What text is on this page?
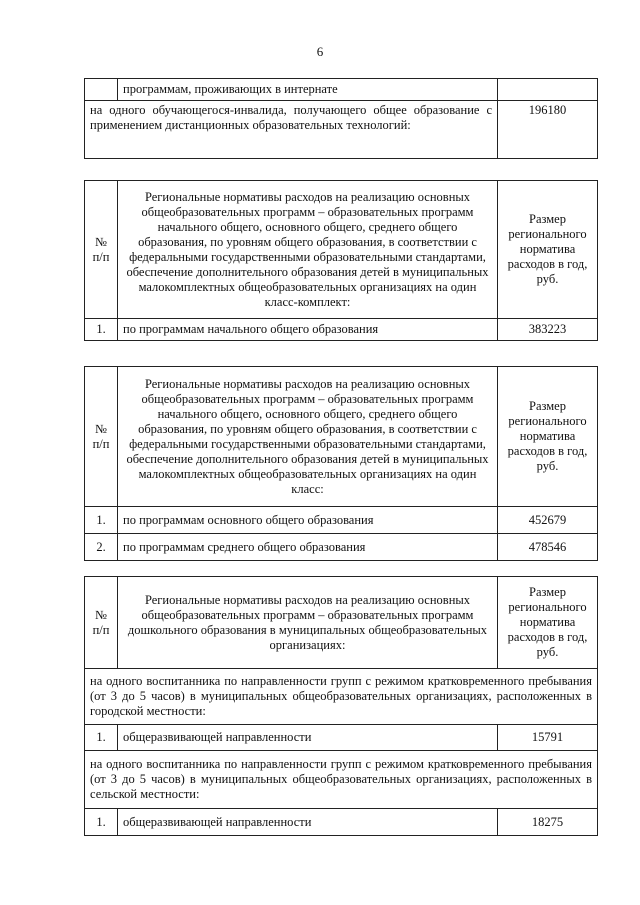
6
	программам, проживающих в интернате	
на одного обучающегося-инвалида, получающего общее образование с применением дистанционных образовательных технологий:		196180
№ п/п	Региональные нормативы расходов на реализацию основных общеобразовательных программ – образовательных программ начального общего, основного общего, среднего общего образования, по уровням общего образования, в соответствии с федеральными государственными образовательными стандартами, обеспечение дополнительного образования детей в муниципальных малокомплектных общеобразовательных организациях на один класс-комплект:	Размер регионального норматива расходов в год, руб.
1.	по программам начального общего образования	383223
№ п/п	Региональные нормативы расходов на реализацию основных общеобразовательных программ – образовательных программ начального общего, основного общего, среднего общего образования, по уровням общего образования, в соответствии с федеральными государственными образовательными стандартами, обеспечение дополнительного образования детей в муниципальных малокомплектных общеобразовательных организациях на один класс:	Размер регионального норматива расходов в год, руб.
1.	по программам основного общего образования	452679
2.	по программам среднего общего образования	478546
№ п/п	Региональные нормативы расходов на реализацию основных общеобразовательных программ – образовательных программ дошкольного образования в муниципальных общеобразовательных организациях:	Размер регионального норматива расходов в год, руб.
на одного воспитанника по направленности групп с режимом кратковременного пребывания (от 3 до 5 часов) в муниципальных общеобразовательных организациях, расположенных в городской местности:		
1.	общеразвивающей направленности	15791
на одного воспитанника по направленности групп с режимом кратковременного пребывания (от 3 до 5 часов) в муниципальных общеобразовательных организациях, расположенных в сельской местности:		
1.	общеразвивающей направленности	18275
